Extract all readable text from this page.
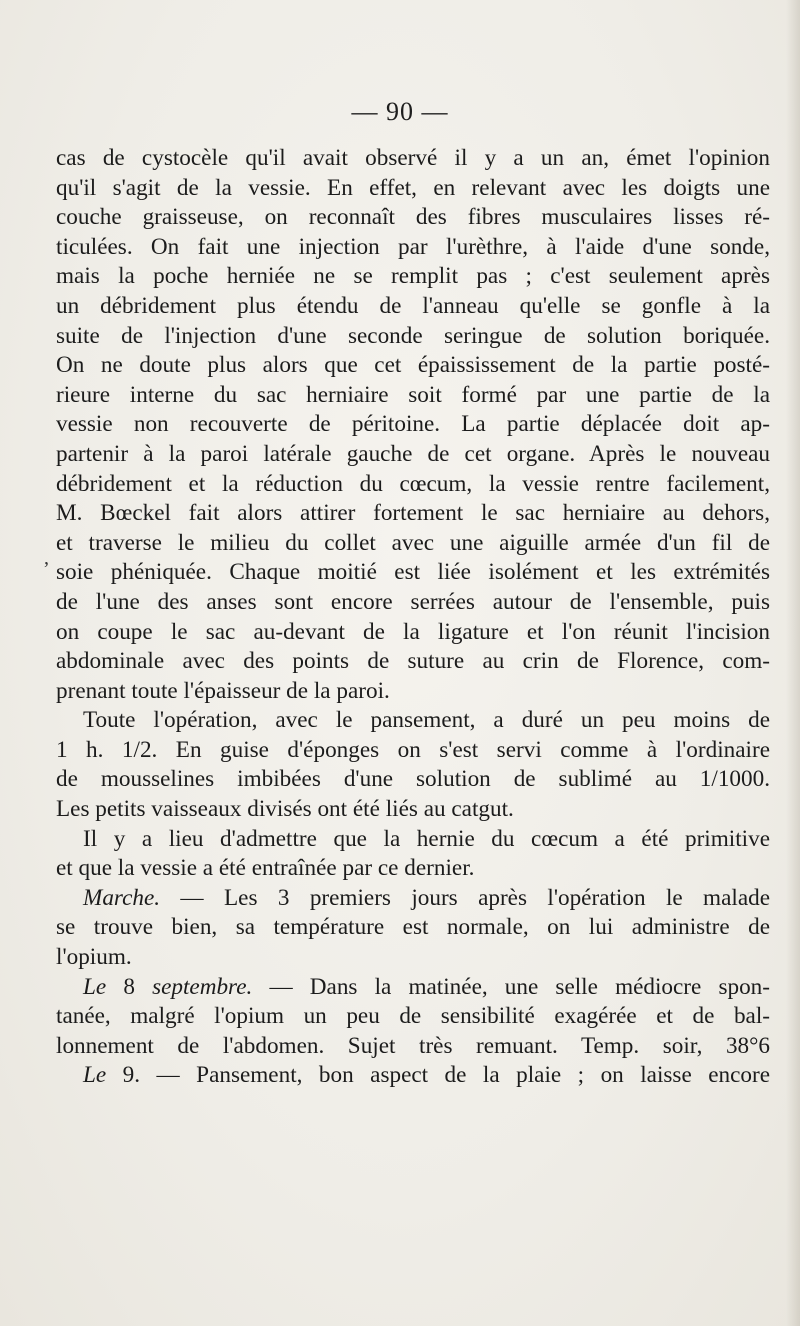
— 90 —
,
cas de cystocèle qu'il avait observé il y a un an, émet l'opinion
qu'il s'agit de la vessie. En effet, en relevant avec les doigts une
couche graisseuse, on reconnaît des fibres musculaires lisses ré-
ticulées. On fait une injection par l'urèthre, à l'aide d'une sonde,
mais la poche herniée ne se remplit pas ; c'est seulement après
un débridement plus étendu de l'anneau qu'elle se gonfle à la
suite de l'injection d'une seconde seringue de solution boriquée.
On ne doute plus alors que cet épaississement de la partie posté-
rieure interne du sac herniaire soit formé par une partie de la
vessie non recouverte de péritoine. La partie déplacée doit ap-
partenir à la paroi latérale gauche de cet organe. Après le nouveau
débridement et la réduction du cœcum, la vessie rentre facilement,
M. Bœckel fait alors attirer fortement le sac herniaire au dehors,
et traverse le milieu du collet avec une aiguille armée d'un fil de
soie phéniquée. Chaque moitié est liée isolément et les extrémités
de l'une des anses sont encore serrées autour de l'ensemble, puis
on coupe le sac au-devant de la ligature et l'on réunit l'incision
abdominale avec des points de suture au crin de Florence, com-
prenant toute l'épaisseur de la paroi.
Toute l'opération, avec le pansement, a duré un peu moins de
1 h. 1/2. En guise d'éponges on s'est servi comme à l'ordinaire
de mousselines imbibées d'une solution de sublimé au 1/1000.
Les petits vaisseaux divisés ont été liés au catgut.
Il y a lieu d'admettre que la hernie du cœcum a été primitive
et que la vessie a été entraînée par ce dernier.
Marche. — Les 3 premiers jours après l'opération le malade
se trouve bien, sa température est normale, on lui administre de
l'opium.
Le 8 septembre. — Dans la matinée, une selle médiocre spon-
tanée, malgré l'opium un peu de sensibilité exagérée et de bal-
lonnement de l'abdomen. Sujet très remuant. Temp. soir, 38°6
Le 9. — Pansement, bon aspect de la plaie ; on laisse encore
